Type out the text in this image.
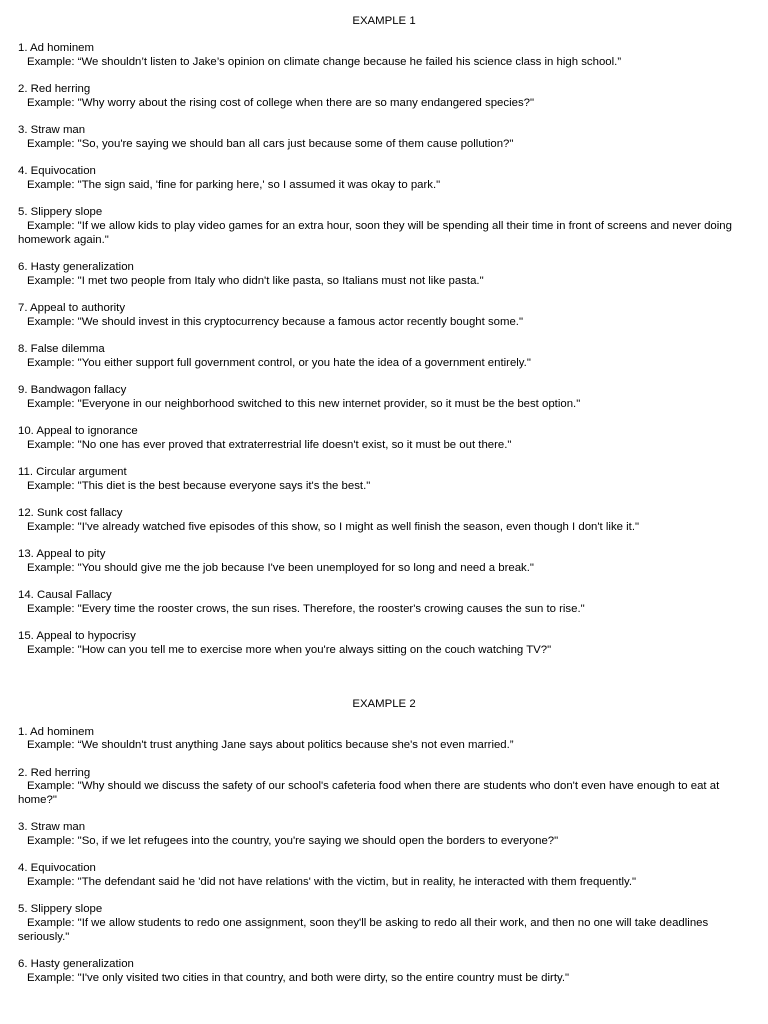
EXAMPLE 1
1. Ad hominem

Example: “We shouldn’t listen to Jake’s opinion on climate change because he failed his science class in high school.”

2. Red herring

Example: "Why worry about the rising cost of college when there are so many endangered species?"

3. Straw man

Example: "So, you're saying we should ban all cars just because some of them cause pollution?"

4. Equivocation

Example: "The sign said, 'fine for parking here,' so I assumed it was okay to park."

5. Slippery slope

Example: "If we allow kids to play video games for an extra hour, soon they will be spending all their time in front of screens and never doing homework again."

6. Hasty generalization

Example: "I met two people from Italy who didn't like pasta, so Italians must not like pasta."

7. Appeal to authority

Example: "We should invest in this cryptocurrency because a famous actor recently bought some."

8. False dilemma

Example: "You either support full government control, or you hate the idea of a government entirely."

9. Bandwagon fallacy

Example: "Everyone in our neighborhood switched to this new internet provider, so it must be the best option."

10. Appeal to ignorance

Example: "No one has ever proved that extraterrestrial life doesn't exist, so it must be out there."

11. Circular argument

Example: "This diet is the best because everyone says it's the best."

12. Sunk cost fallacy

Example: "I've already watched five episodes of this show, so I might as well finish the season, even though I don't like it."

13. Appeal to pity

Example: "You should give me the job because I've been unemployed for so long and need a break."

14. Causal Fallacy

Example: "Every time the rooster crows, the sun rises. Therefore, the rooster's crowing causes the sun to rise."

15. Appeal to hypocrisy

Example: "How can you tell me to exercise more when you're always sitting on the couch watching TV?"

EXAMPLE 2
1. Ad hominem

Example: “We shouldn't trust anything Jane says about politics because she's not even married.”

2. Red herring

Example: "Why should we discuss the safety of our school's cafeteria food when there are students who don't even have enough to eat at home?"

3. Straw man

Example: "So, if we let refugees into the country, you're saying we should open the borders to everyone?"

4. Equivocation

Example: "The defendant said he 'did not have relations' with the victim, but in reality, he interacted with them frequently."

5. Slippery slope

Example: "If we allow students to redo one assignment, soon they'll be asking to redo all their work, and then no one will take deadlines seriously."

6. Hasty generalization

Example: "I've only visited two cities in that country, and both were dirty, so the entire country must be dirty."
